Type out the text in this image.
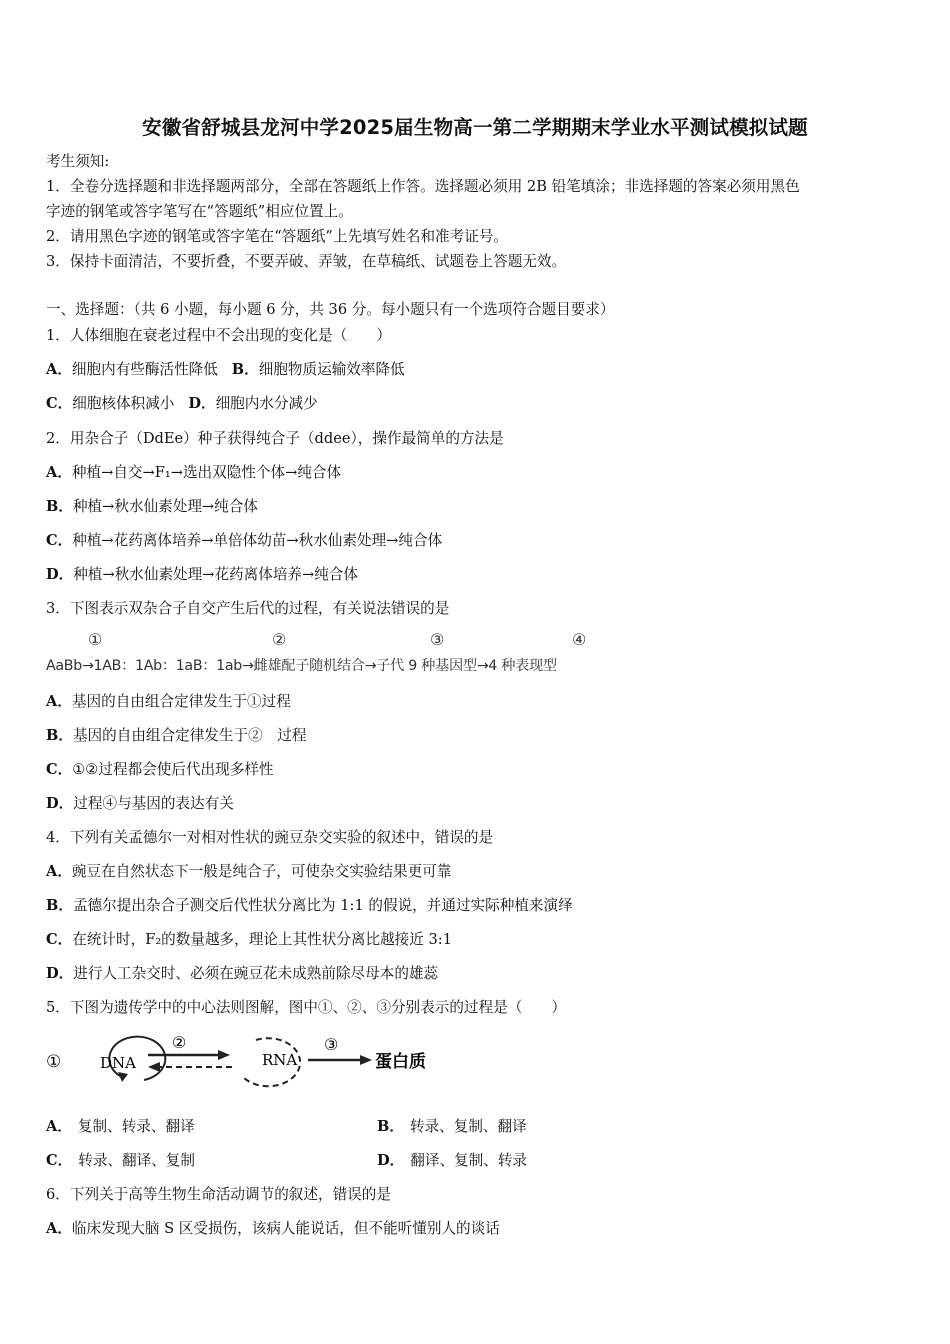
安徽省舒城县龙河中学2025届生物高一第二学期期末学业水平测试模拟试题
考生须知:
1．全卷分选择题和非选择题两部分，全部在答题纸上作答。选择题必须用 2B 铅笔填涂；非选择题的答案必须用黑色
字迹的钢笔或答字笔写在“答题纸”相应位置上。
2．请用黑色字迹的钢笔或答字笔在“答题纸”上先填写姓名和准考证号。
3．保持卡面清洁，不要折叠，不要弄破、弄皱，在草稿纸、试题卷上答题无效。
一、选择题：（共 6 小题，每小题 6 分，共 36 分。每小题只有一个选项符合题目要求）
1．人体细胞在衰老过程中不会出现的变化是（　　）
A．细胞内有些酶活性降低 B．细胞物质运输效率降低
C．细胞核体积减小 D．细胞内水分减少
2．用杂合子（DdEe）种子获得纯合子（ddee），操作最简单的方法是
A．种植→自交→F₁→选出双隐性个体→纯合体
B．种植→秋水仙素处理→纯合体
C．种植→花药离体培养→单倍体幼苗→秋水仙素处理→纯合体
D．种植→秋水仙素处理→花药离体培养→纯合体
3．下图表示双杂合子自交产生后代的过程，有关说法错误的是
①	②	③	④
AaBb→1AB：1Ab：1aB：1ab→雌雄配子随机结合→子代 9 种基因型→4 种表现型
A．基因的自由组合定律发生于①过程
B．基因的自由组合定律发生于②　过程
C．①②过程都会使后代出现多样性
D．过程④与基因的表达有关
4．下列有关孟德尔一对相对性状的豌豆杂交实验的叙述中，错误的是
A．豌豆在自然状态下一般是纯合子，可使杂交实验结果更可靠
B．孟德尔提出杂合子测交后代性状分离比为 1:1 的假说，并通过实际种植来演绎
C．在统计时，F₂的数量越多，理论上其性状分离比越接近 3:1
D．进行人工杂交时、必须在豌豆花未成熟前除尽母本的雄蕊
5．下图为遗传学中的中心法则图解，图中①、②、③分别表示的过程是（　　）
①	DNA
②
RNA
③
蛋白质
A． 复制、转录、翻译	B． 转录、复制、翻译
C． 转录、翻译、复制	D． 翻译、复制、转录
6．下列关于高等生物生命活动调节的叙述，错误的是
A．临床发现大脑 S 区受损伤，该病人能说话，但不能听懂别人的谈话
